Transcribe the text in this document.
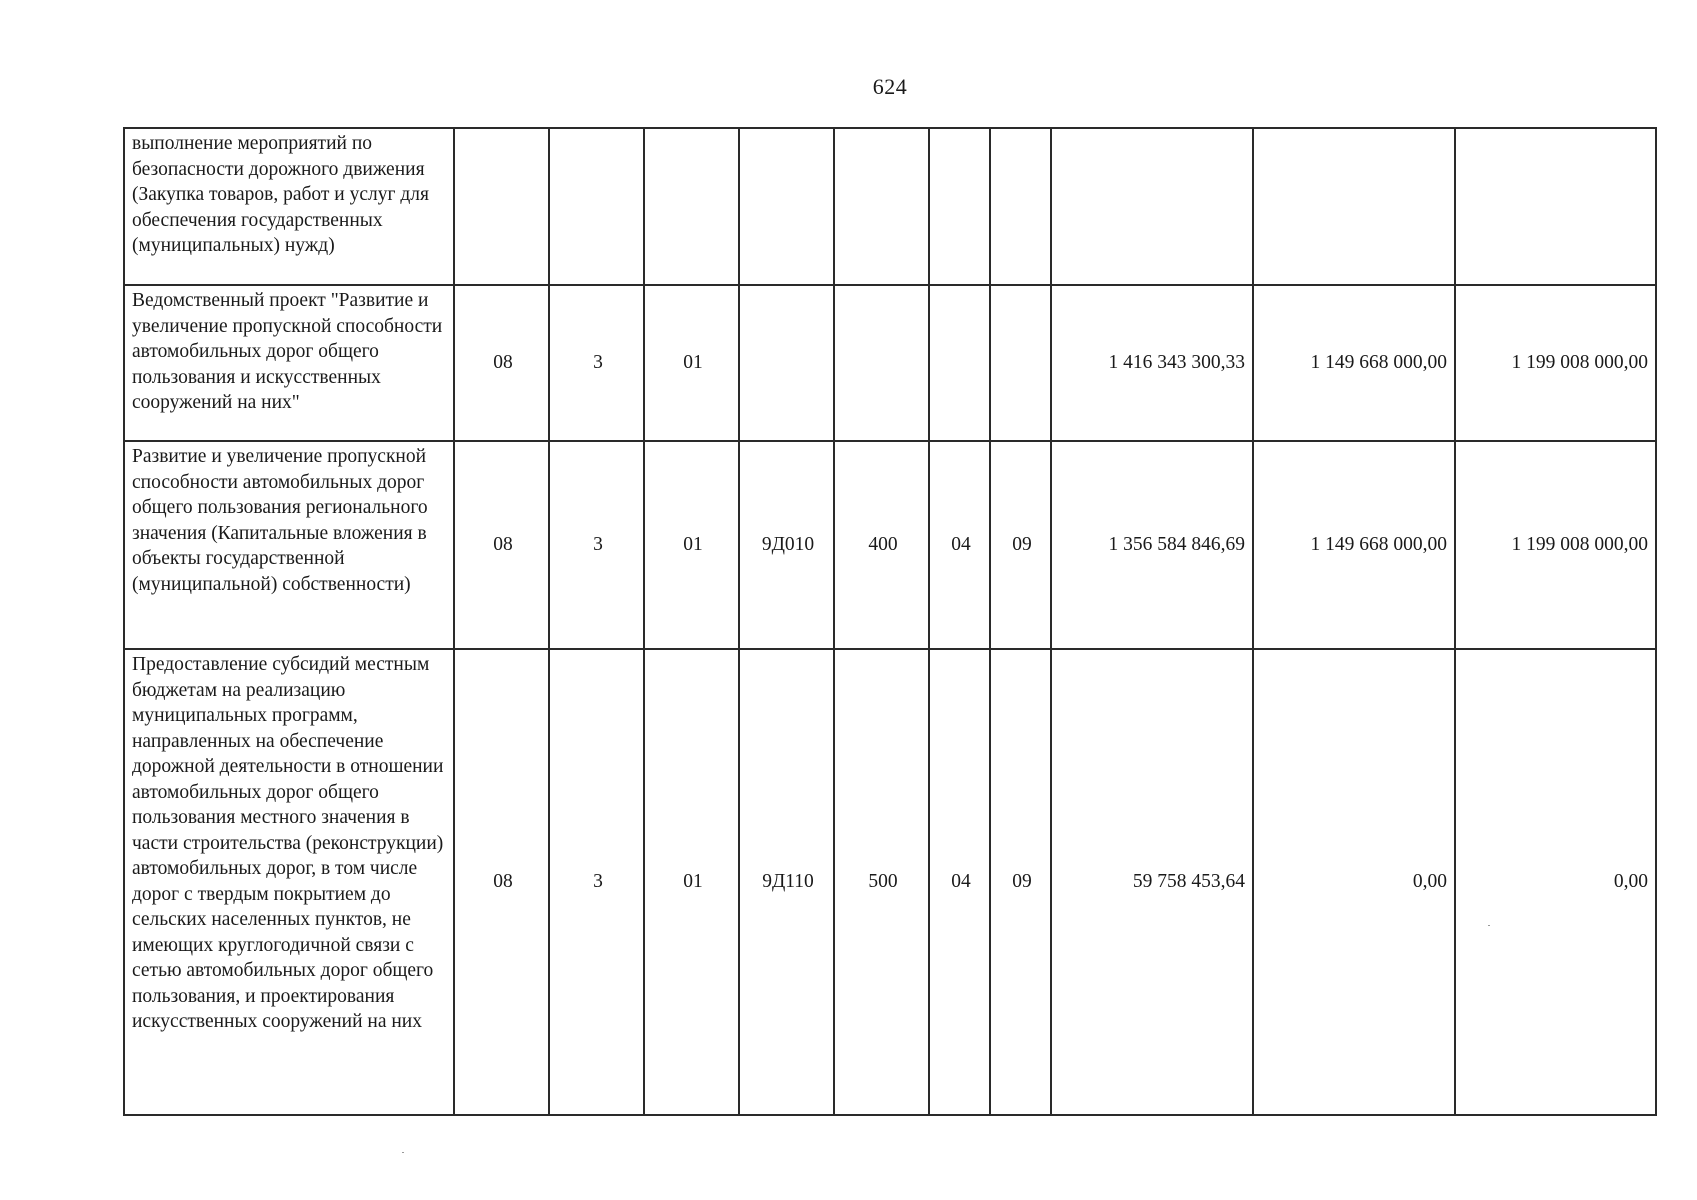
624
выполнение мероприятий по безопасности дорожного движения (Закупка товаров, работ и услуг для обеспечения государственных (муниципальных) нужд)										
Ведомственный проект "Развитие и увеличение пропускной способности автомобильных дорог общего пользования и искусственных сооружений на них"	08	3	01					1 416 343 300,33	1 149 668 000,00	1 199 008 000,00
Развитие и увеличение пропускной способности автомобильных дорог общего пользования регионального значения (Капитальные вложения в объекты государственной (муниципальной) собственности)	08	3	01	9Д010	400	04	09	1 356 584 846,69	1 149 668 000,00	1 199 008 000,00
Предоставление субсидий местным бюджетам на реализацию муниципальных программ, направленных на обеспечение дорожной деятельности в отношении автомобильных дорог общего пользования местного значения в части строительства (реконструкции) автомобильных дорог, в том числе дорог с твердым покрытием до сельских населенных пунктов, не имеющих круглогодичной связи с сетью автомобильных дорог общего пользования, и проектирования искусственных сооружений на них	08	3	01	9Д110	500	04	09	59 758 453,64	0,00	0,00
